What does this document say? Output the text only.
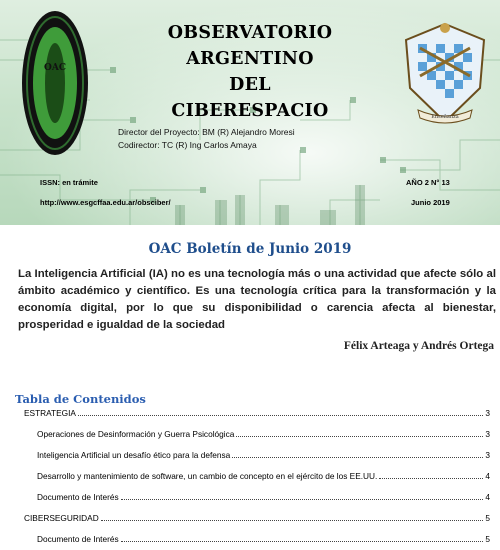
OAC
OBSERVATORIO ARGENTINO
DEL
CIBERESPACIO	Enseñanza
Director del Proyecto: BM (R) Alejandro Moresi
Codirector: TC (R) Ing Carlos Amaya
ISSN: en trámite
http://www.esgcffaa.edu.ar/obsciber/
AÑO 2 N° 13
Junio 2019
OAC Boletín de Junio 2019
La Inteligencia Artificial (IA) no es una tecnología más o una actividad que afecte sólo al ámbito académico y científico. Es una tecnología crítica para la transformación y la economía digital, por lo que su disponibilidad o carencia afecta al bienestar, prosperidad e igualdad de la sociedad
Félix Arteaga y Andrés Ortega
Tabla de Contenidos
ESTRATEGIA	3
Operaciones de Desinformación y Guerra Psicológica	3
Inteligencia Artificial un desafío ético para la defensa	3
Desarrollo y mantenimiento de software, un cambio de concepto en el ejército de los EE.UU.	4
Documento de Interés	4
CIBERSEGURIDAD	5
Documento de Interés	5
